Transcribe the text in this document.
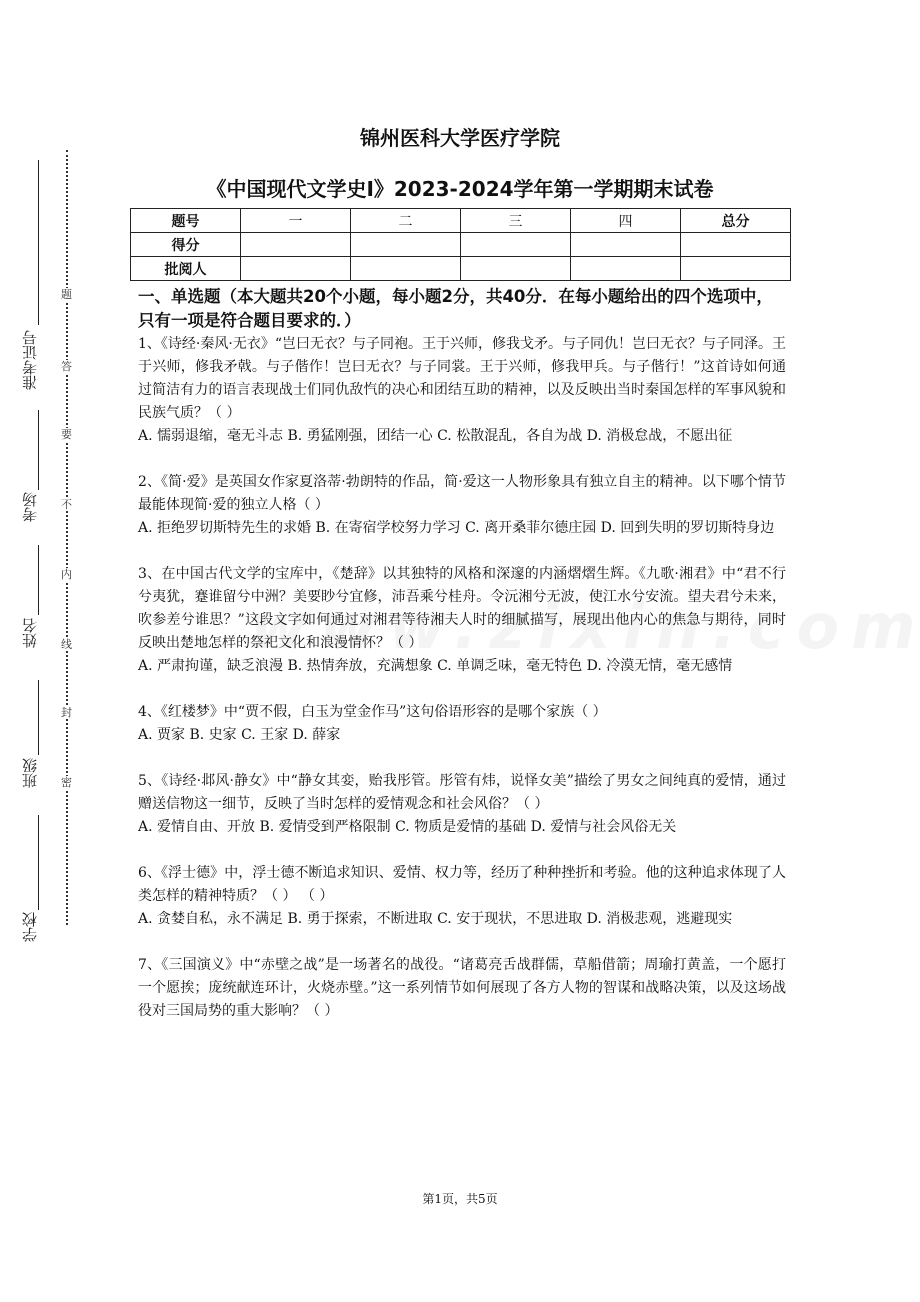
准考证号
考场
姓名
班级
学校
题
答
要
不
内
线
封
密
锦州医科大学医疗学院
《中国现代文学史Ⅰ》2023-2024学年第一学期期末试卷
题号	一	二	三	四	总分
得分					
批阅人					
一、单选题（本大题共20个小题，每小题2分，共40分．在每小题给出的四个选项中，只有一项是符合题目要求的．）

1、《诗经·秦风·无衣》“岂曰无衣？与子同袍。王于兴师，修我戈矛。与子同仇！岂曰无衣？与子同泽。王于兴师，修我矛戟。与子偕作！岂曰无衣？与子同裳。王于兴师，修我甲兵。与子偕行！”这首诗如何通过简洁有力的语言表现战士们同仇敌忾的决心和团结互助的精神，以及反映出当时秦国怎样的军事风貌和民族气质？（ ）

A. 懦弱退缩，毫无斗志 B. 勇猛刚强，团结一心 C. 松散混乱，各自为战 D. 消极怠战，不愿出征

2、《简·爱》是英国女作家夏洛蒂·勃朗特的作品，简·爱这一人物形象具有独立自主的精神。以下哪个情节最能体现简·爱的独立人格（ ）

A. 拒绝罗切斯特先生的求婚 B. 在寄宿学校努力学习 C. 离开桑菲尔德庄园 D. 回到失明的罗切斯特身边

3、在中国古代文学的宝库中，《楚辞》以其独特的风格和深邃的内涵熠熠生辉。《九歌·湘君》中“君不行兮夷犹，蹇谁留兮中洲？美要眇兮宜修，沛吾乘兮桂舟。令沅湘兮无波，使江水兮安流。望夫君兮未来，吹参差兮谁思？”这段文字如何通过对湘君等待湘夫人时的细腻描写，展现出他内心的焦急与期待，同时反映出楚地怎样的祭祀文化和浪漫情怀？（ ）

A. 严肃拘谨，缺乏浪漫 B. 热情奔放，充满想象 C. 单调乏味，毫无特色 D. 冷漠无情，毫无感情

4、《红楼梦》中“贾不假，白玉为堂金作马”这句俗语形容的是哪个家族（ ）

A. 贾家 B. 史家 C. 王家 D. 薛家

5、《诗经·邶风·静女》中“静女其娈，贻我彤管。彤管有炜，说怿女美”描绘了男女之间纯真的爱情，通过赠送信物这一细节，反映了当时怎样的爱情观念和社会风俗？（ ）

A. 爱情自由、开放 B. 爱情受到严格限制 C. 物质是爱情的基础 D. 爱情与社会风俗无关

6、《浮士德》中，浮士德不断追求知识、爱情、权力等，经历了种种挫折和考验。他的这种追求体现了人类怎样的精神特质？（ ） （ ）

A. 贪婪自私，永不满足 B. 勇于探索，不断进取 C. 安于现状，不思进取 D. 消极悲观，逃避现实

7、《三国演义》中“赤壁之战”是一场著名的战役。“诸葛亮舌战群儒，草船借箭；周瑜打黄盖，一个愿打一个愿挨；庞统献连环计，火烧赤壁。”这一系列情节如何展现了各方人物的智谋和战略决策，以及这场战役对三国局势的重大影响？（ ）

第1页，共5页
